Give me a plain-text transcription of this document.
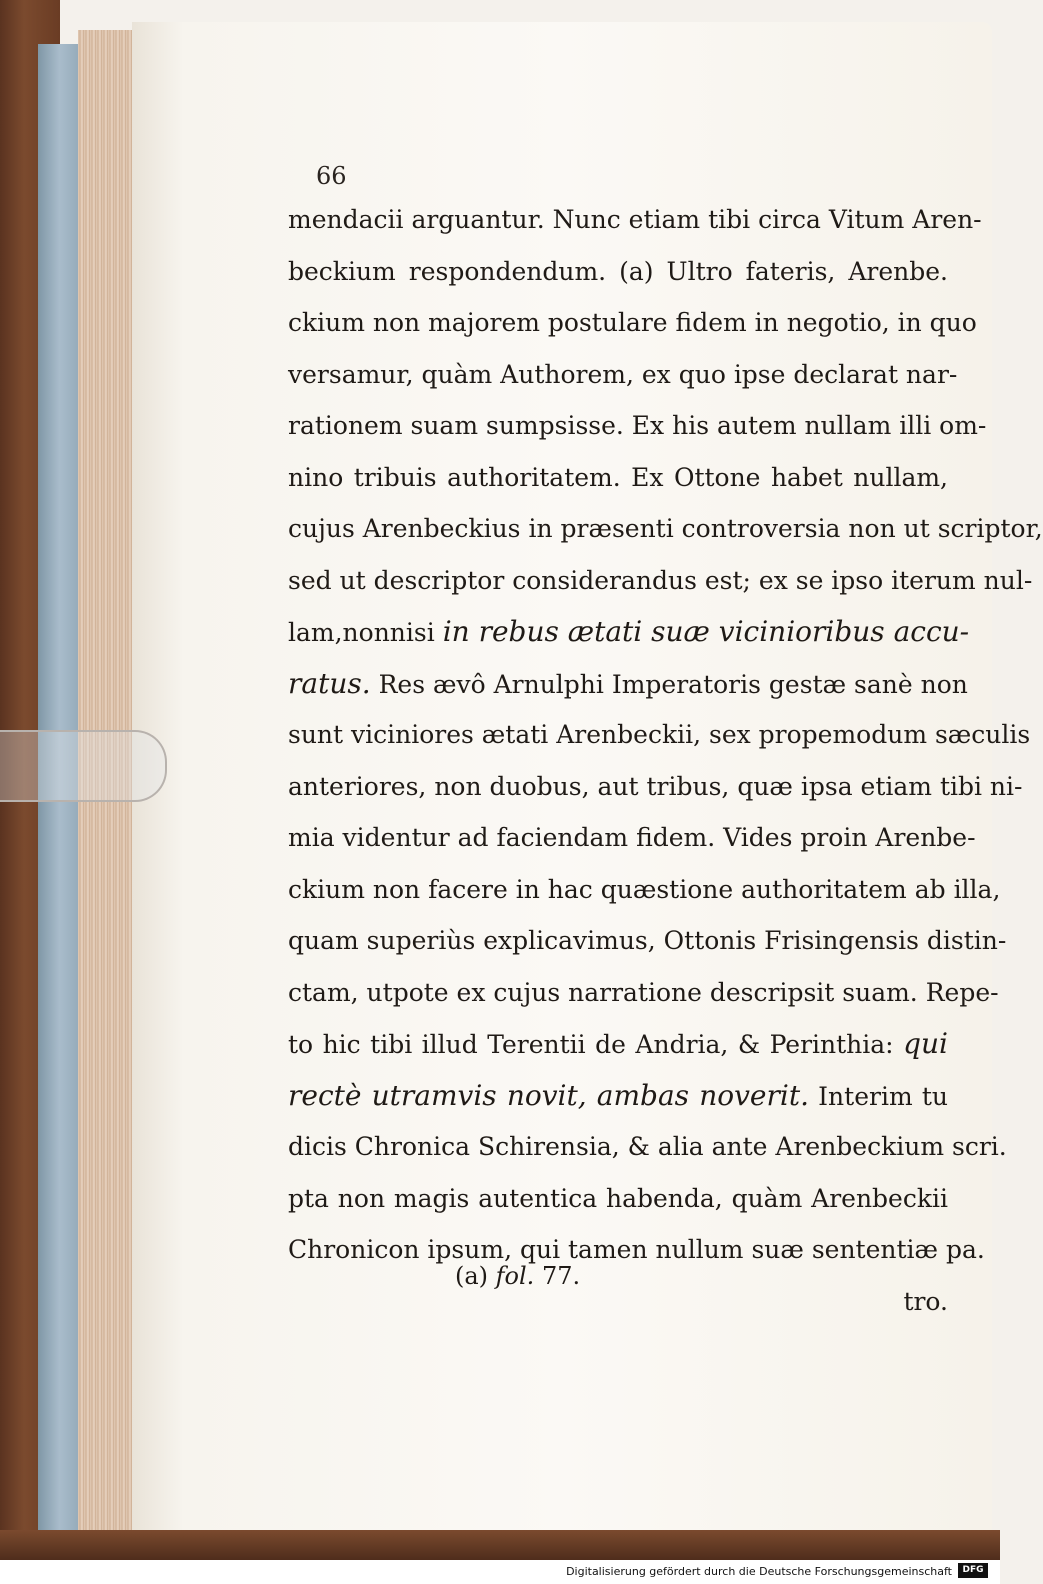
66
mendacii arguantur. Nunc etiam tibi circa Vitum Aren-
beckium respondendum. (a) Ultro fateris, Arenbe.
ckium non majorem postulare fidem in negotio, in quo
versamur, quàm Authorem, ex quo ipse declarat nar-
rationem suam sumpsisse. Ex his autem nullam illi om-
nino tribuis authoritatem. Ex Ottone habet nullam,
cujus Arenbeckius in præsenti controversia non ut scriptor,
sed ut descriptor considerandus est; ex se ipso iterum nul-
lam,nonnisi in rebus ætati suæ vicinioribus accu-
ratus. Res ævô Arnulphi Imperatoris gestæ sanè non
sunt viciniores ætati Arenbeckii, sex propemodum sæculis
anteriores, non duobus, aut tribus, quæ ipsa etiam tibi ni-
mia videntur ad faciendam fidem. Vides proin Arenbe-
ckium non facere in hac quæstione authoritatem ab illa,
quam superiùs explicavimus, Ottonis Frisingensis distin-
ctam, utpote ex cujus narratione descripsit suam. Repe-
to hic tibi illud Terentii de Andria, & Perinthia: qui
rectè utramvis novit, ambas noverit. Interim tu
dicis Chronica Schirensia, & alia ante Arenbeckium scri.
pta non magis autentica habenda, quàm Arenbeckii
Chronicon ipsum, qui tamen nullum suæ sententiæ pa.
tro.
(a) fol. 77.
Digitalisierung gefördert durch die Deutsche Forschungsgemeinschaft	DFG
